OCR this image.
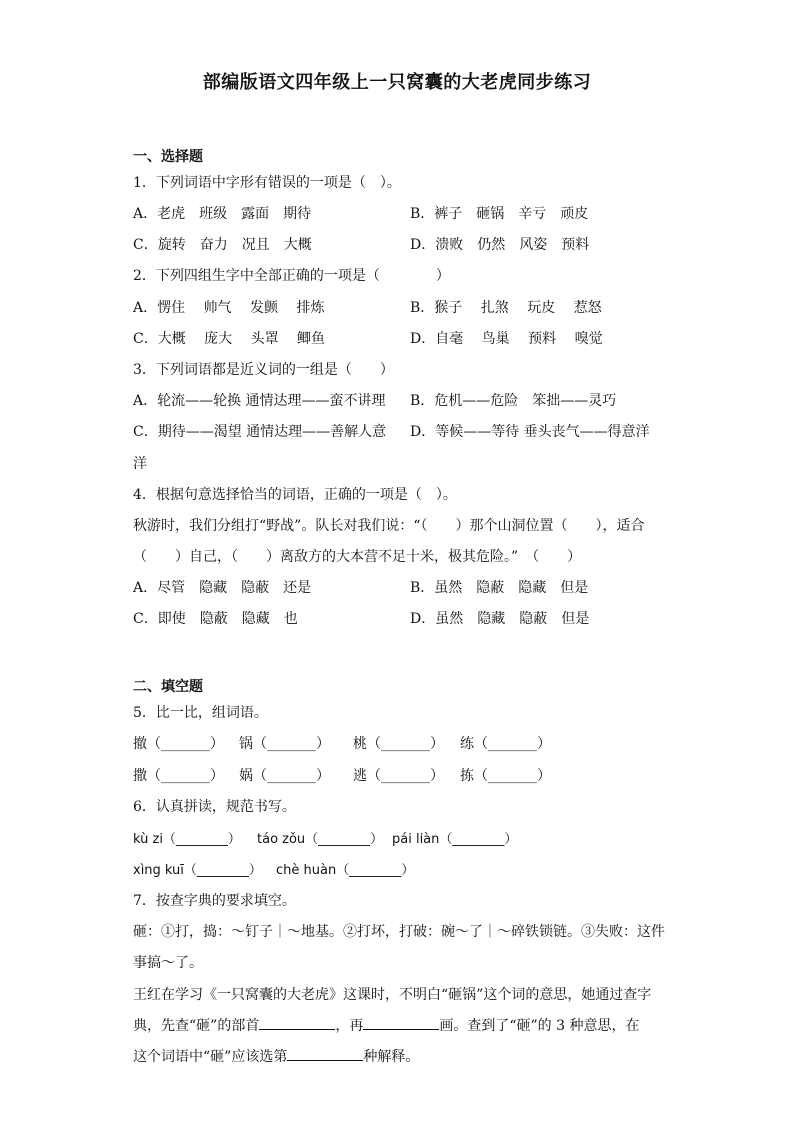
部编版语文四年级上一只窝囊的大老虎同步练习
一、选择题
1．下列词语中字形有错误的一项是（　）。
A．老虎　班级　露面　期待	B．裤子　砸锅　辛亏　顽皮
C．旋转　奋力　况且　大概	D．溃败　仍然　风姿　预料
2．下列四组生字中全部正确的一项是（　　　　）
A．愣住　 帅气　 发颤　 排炼	B．猴子　 扎煞　 玩皮　 惹怒
C．大概　 庞大　 头罩　 鲫鱼	D．自毫　 鸟巢　 预料　 嗅觉
3．下列词语都是近义词的一组是（　　）
A．轮流——轮换 通情达理——蛮不讲理 B．危机——危险　笨拙——灵巧
C．期待——渴望 通情达理——善解人意 D．等候——等待 垂头丧气——得意洋
洋
4．根据句意选择恰当的词语，正确的一项是（　）。
秋游时，我们分组打“野战”。队长对我们说：“（　　）那个山洞位置（　　），适合
（　　）自己，（　　）离敌方的大本营不足十米，极其危险。”　（　　）
A．尽管　隐藏　隐蔽　还是	B．虽然　隐蔽　隐藏　但是
C．即使　隐蔽　隐藏　也	D．虽然　隐藏　隐蔽　但是
二、填空题
5．比一比，组词语。
撤（_______） 锅（_______） 桃（_______） 练（_______）
撒（_______） 娲（_______） 逃（_______） 拣（_______）
6．认真拼读，规范书写。
kù zi（________） táo zǒu（________） pái liàn（________）
xìng kuī（________） chè huàn（________）
7．按查字典的要求填空。
砸：①打，捣：～钉子｜～地基。②打坏，打破：碗～了｜～碎铁锁链。③失败：这件
事搞～了。
王红在学习《一只窝囊的大老虎》这课时，不明白“砸锅”这个词的意思，她通过查字
典，先查“砸”的部首	，再	画。查到了“砸”的 3 种意思，在
这个词语中“砸”应该选第	种解释。
